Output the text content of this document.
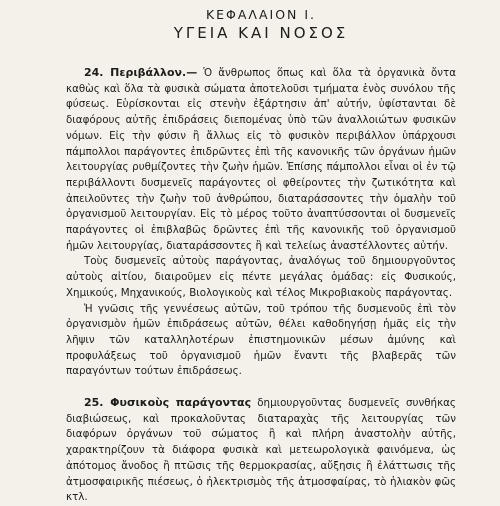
ΚΕΦΑΛΑΙΟΝ Ι.
ΥΓΕΙΑ ΚΑΙ ΝΟΣΟΣ

24. Περιβάλλον.— Ὁ ἄνθρωπος ὅπως καὶ ὅλα τὰ ὀργανικὰ ὄντα καθὼς καὶ ὅλα τὰ φυσικὰ σώματα ἀποτελοῦσι τμήματα ἑνὸς συνόλου τῆς φύσεως. Εὑρίσκονται εἰς στενὴν ἐξάρτησιν ἀπ' αὐτήν, ὑφίστανται δὲ διαφόρους αὐτῆς ἐπιδράσεις διεπομένας ὑπὸ τῶν ἀναλλοιώτων φυσικῶν νόμων. Εἰς τὴν φύσιν ἢ ἄλλως εἰς τὸ φυσικὸν περιβάλλον ὑπάρχουσι πάμπολλοι παράγοντες ἐπιδρῶντες ἐπὶ τῆς κανονικῆς τῶν ὀργάνων ἡμῶν λειτουργίας ρυθμίζοντες τὴν ζωὴν ἡμῶν. Ἐπίσης πάμπολλοι εἶναι οἱ ἐν τῷ περιβάλλοντι δυσμενεῖς παράγοντες οἱ φθείροντες τὴν ζωτικότητα καὶ ἀπειλοῦντες τὴν ζωὴν τοῦ ἀνθρώπου, διαταράσσοντες τὴν ὁμαλὴν τοῦ ὀργανισμοῦ λειτουργίαν. Εἰς τὸ μέρος τοῦτο ἀναπτύσσονται οἱ δυσμενεῖς παράγοντες οἱ ἐπιβλαβῶς δρῶντες ἐπὶ τῆς κανονικῆς τοῦ ὀργανισμοῦ ἡμῶν λειτουργίας, διαταράσσοντες ἢ καὶ τελείως ἀναστέλλοντες αὐτήν.

Τοὺς δυσμενεῖς αὐτοὺς παράγοντας, ἀναλόγως τοῦ δημιουργοῦντος αὐτοὺς αἰτίου, διαιροῦμεν εἰς πέντε μεγάλας ὁμάδας: εἰς Φυσικούς, Χημικούς, Μηχανικούς, Βιολογικοὺς καὶ τέλος Μικροβιακοὺς παράγοντας.

Ἡ γνῶσις τῆς γεννέσεως αὐτῶν, τοῦ τρόπου τῆς δυσμενοῦς ἐπὶ τὸν ὀργανισμὸν ἡμῶν ἐπιδράσεως αὐτῶν, θέλει καθοδηγήσῃ ἡμᾶς εἰς τὴν λῆψιν τῶν καταλληλοτέρων ἐπιστημονικῶν μέσων ἀμύνης καὶ προφυλάξεως τοῦ ὀργανισμοῦ ἡμῶν ἔναντι τῆς βλαβερᾶς τῶν παραγόντων τούτων ἐπιδράσεως.

25. Φυσικοὺς παράγοντας δημιουργοῦντας δυσμενεῖς συνθήκας διαβιώσεως, καὶ προκαλοῦντας διαταραχὰς τῆς λειτουργίας τῶν διαφόρων ὀργάνων τοῦ σώματος ἢ καὶ πλήρη ἀναστολὴν αὐτῆς, χαρακτηρίζουν τὰ διάφορα φυσικὰ καὶ μετεωρολογικὰ φαινόμενα, ὡς ἀπότομος ἄνοδος ἢ πτῶσις τῆς θερμοκρασίας, αὔξησις ἢ ἐλάττωσις τῆς ἀτμοσφαιρικῆς πιέσεως, ὁ ἠλεκτρισμὸς τῆς ἀτμοσφαίρας, τὸ ἡλιακὸν φῶς κτλ.
